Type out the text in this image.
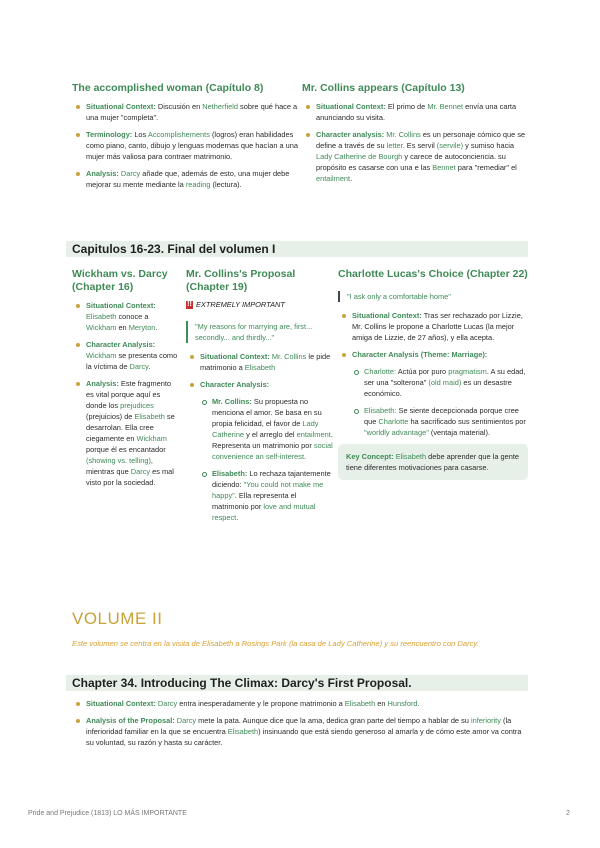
The accomplished woman (Capítulo 8)
Situational Context: Discusión en Netherfield sobre qué hace a una mujer "completa".
Terminology: Los Accomplishements (logros) eran habilidades como piano, canto, dibujo y lenguas modernas que hacían a una mujer más valiosa para contraer matrimonio.
Analysis: Darcy añade que, además de esto, una mujer debe mejorar su mente mediante la reading (lectura).
Mr. Collins appears (Capítulo 13)
Situational Context: El primo de Mr. Bennet envía una carta anunciando su visita.
Character analysis: Mr. Collins es un personaje cómico que se define a través de su letter. Es servil (servile) y sumiso hacia Lady Catherine de Bourgh y carece de autoconciencia. su propósito es casarse con una e las Bennet para "remediar" el entailment.
Capitulos 16-23. Final del volumen I
Wickham vs. Darcy (Chapter 16)
Situational Context: Elisabeth conoce a Wickham en Meryton.
Character Analysis: Wickham se presenta como la víctima de Darcy.
Analysis: Este fragmento es vital porque aquí es donde los prejudices (prejuicios) de Elisabeth se desarrolan. Ella cree ciegamente en Wickham porque él es encantador (showing vs. telling), mientras que Darcy es mal visto por la sociedad.
Mr. Collins's Proposal (Chapter 19)
!! EXTREMELY IMPORTANT
"My reasons for marrying are, first... secondly... and thirdly..."
Situational Context: Mr. Collins le pide matrimonio a Elisabeth
Character Analysis:
Mr. Collins: Su propuesta no menciona el amor. Se basa en su propia felicidad, el favor de Lady Catherine y el arreglo del entailment. Representa un matrimonio por social convenience an self-interest.
Elisabeth: Lo rechaza tajantemente diciendo: "You could not make me happy". Ella representa el matrimonio por love and mutual respect.
Charlotte Lucas's Choice (Chapter 22)
"I ask only a comfortable home"
Situational Context: Tras ser rechazado por Lizzie, Mr. Collins le propone a Charlotte Lucas (la mejor amiga de Lizzie, de 27 años), y ella acepta.
Character Analysis (Theme: Marriage):
Charlotte: Actúa por puro pragmatism. A su edad, ser una "solterona" (old maid) es un desastre económico.
Elisabeth: Se siente decepcionada porque cree que Charlotte ha sacrificado sus sentimientos por "worldly advantage" (ventaja material).
Key Concept: Elisabeth debe aprender que la gente tiene diferentes motivaciones para casarse.
VOLUME II
Este volumen se centra en la visita de Elisabeth a Rosings Park (la casa de Lady Catherine) y su reencuentro con Darcy.
Chapter 34. Introducing The Climax: Darcy's First Proposal.
Situational Context: Darcy entra inesperadamente y le propone matrimonio a Elisabeth en Hunsford.
Analysis of the Proposal: Darcy mete la pata. Aunque dice que la ama, dedica gran parte del tiempo a hablar de su inferiority (la inferioridad familiar en la que se encuentra Elisabeth) insinuando que está siendo generoso al amarla y de cómo este amor va contra su voluntad, su razón y hasta su carácter.
Pride and Prejudice (1813) LO MÁS IMPORTANTE	2
